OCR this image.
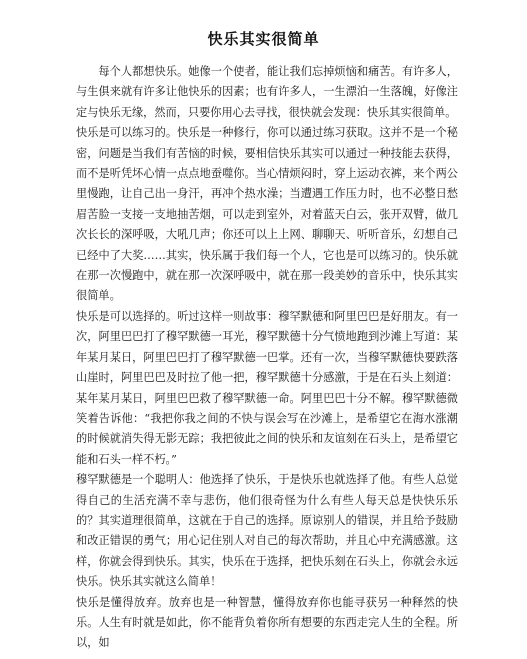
快乐其实很简单

每个人都想快乐。她像一个使者，能让我们忘掉烦恼和痛苦。有许多人，与生俱来就有许多让他快乐的因素；也有许多人，一生漂泊一生落魄，好像注定与快乐无缘，然而，只要你用心去寻找，很快就会发现：快乐其实很简单。

快乐是可以练习的。快乐是一种修行，你可以通过练习获取。这并不是一个秘密，问题是当我们有苦恼的时候，要相信快乐其实可以通过一种技能去获得，而不是听凭坏心情一点点地蚕噬你。当心情烦闷时，穿上运动衣裤，来个两公里慢跑，让自己出一身汗，再冲个热水澡；当遭遇工作压力时，也不必整日愁眉苦脸一支接一支地抽苦烟，可以走到室外，对着蓝天白云，张开双臂，做几次长长的深呼吸，大吼几声；你还可以上上网、聊聊天、听听音乐，幻想自己已经中了大奖……其实，快乐属于我们每一个人，它也是可以练习的。快乐就在那一次慢跑中，就在那一次深呼吸中，就在那一段美妙的音乐中，快乐其实很简单。

快乐是可以选择的。听过这样一则故事：穆罕默德和阿里巴巴是好朋友。有一次，阿里巴巴打了穆罕默德一耳光，穆罕默德十分气愤地跑到沙滩上写道：某年某月某日，阿里巴巴打了穆罕默德一巴掌。还有一次，当穆罕默德快要跌落山崖时，阿里巴巴及时拉了他一把，穆罕默德十分感激，于是在石头上刻道：某年某月某日，阿里巴巴救了穆罕默德一命。阿里巴巴十分不解。穆罕默德微笑着告诉他：“我把你我之间的不快与误会写在沙滩上，是希望它在海水涨潮的时候就消失得无影无踪；我把彼此之间的快乐和友谊刻在石头上，是希望它能和石头一样不朽。”

穆罕默德是一个聪明人：他选择了快乐，于是快乐也就选择了他。有些人总觉得自己的生活充满不幸与悲伤，他们很奇怪为什么有些人每天总是快快乐乐的？其实道理很简单，这就在于自己的选择。原谅别人的错误，并且给予鼓励和改正错误的勇气；用心记住别人对自己的每次帮助，并且心中充满感激。这样，你就会得到快乐。其实，快乐在于选择，把快乐刻在石头上，你就会永远快乐。快乐其实就这么简单！

快乐是懂得放弃。放弃也是一种智慧，懂得放弃你也能寻获另一种释然的快乐。人生有时就是如此，你不能背负着你所有想要的东西走完人生的全程。所以，如
